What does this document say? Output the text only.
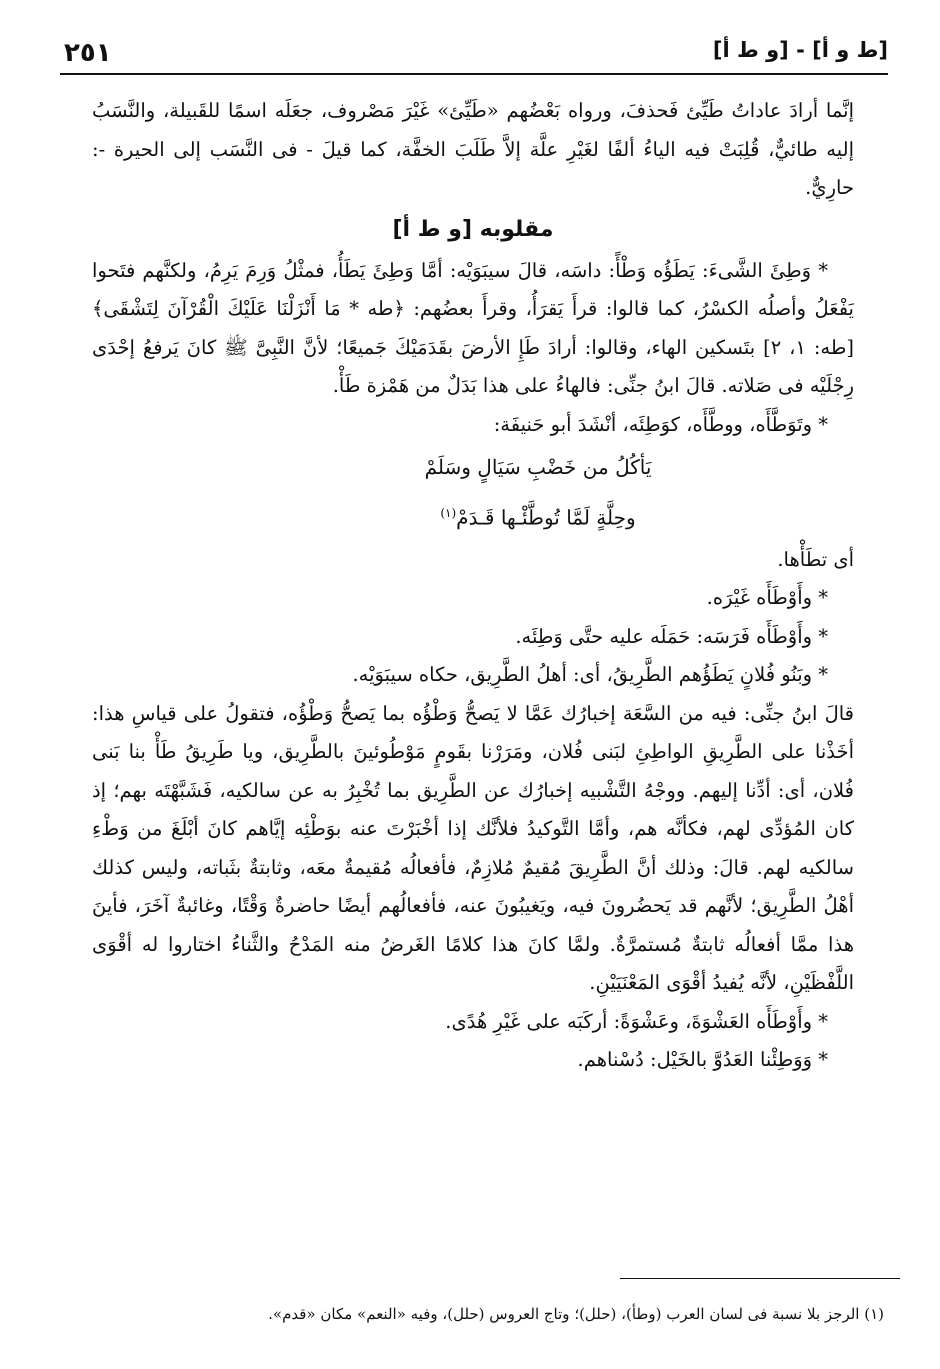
٢٥١	[ط و أ] - [و ط أ]

إنَّما أرادَ عاداتُ طَيِّئ فَحذفَ، ورواه بَعْضُهم «طَيِّئ» غَيْرَ مَصْروف، جعَلَه اسمًا للقَبيلة، والنَّسَبُ إليه طائيٌّ، قُلِبَتْ فيه الياءُ ألفًا لغَيْرِ علَّة إلاَّ طَلَبَ الخفَّة، كما قيلَ - فى النَّسَب إلى الحيرة -: حارِيٌّ.

مقلوبه [و ط أ]

* وَطِئَ الشَّىءَ: يَطَؤُه وَطْأً: داسَه، قالَ سيبَوَيْه: أمَّا وَطِئَ يَطَأُ، فمثْلُ وَرِمَ يَرِمُ، ولكنَّهم فتَحوا يَفْعَلُ وأصلُه الكسْرُ، كما قالوا: قرأَ يَقرَأُ، وقرأَ بعضُهم: ﴿طه * مَا أَنْزَلْنَا عَلَيْكَ الْقُرْآنَ لِتَشْقَى﴾ [طه: ١، ٢] بتَسكين الهاء، وقالوا: أرادَ طَإِ الأرضَ بقَدَمَيْكَ جَميعًا؛ لأنَّ النَّبِىَّ ﷺ كانَ يَرفعُ إحْدَى رِجْلَيْه فى صَلاته. قالَ ابنُ جنِّى: فالهاءُ على هذا بَدَلٌ من هَمْزة طَأْ.

* وتَوَطَّأَه، ووطَّأَه، كوَطِئَه، أنْشَدَ أبو حَنيفَة:

يَأكُلُ من خَضْبِ سَيَالٍ وسَلَمْ
وحِلَّةٍ لَمَّا تُوطَّئْـها قَـدَمْ$^{(١)}$

أى تطَأْها.

* وأَوْطَأَه غَيْرَه.

* وأَوْطَأَه فَرَسَه: حَمَلَه عليه حتَّى وَطِئَه.

* وبَنُو فُلانٍ يَطَؤُهم الطَّرِيقُ، أى: أهلُ الطَّرِيق، حكاه سيبَوَيْه.

قالَ ابنُ جنِّى: فيه من السَّعَة إخبارُك عَمَّا لا يَصحُّ وَطْؤُه بما يَصحُّ وَطْؤُه، فتقولُ على قياسِ هذا: أخَذْنا على الطَّرِيقِ الواطِئِ لبَنى فُلان، ومَرَرْنا بقَومٍ مَوْطُوئينَ بالطَّرِيق، ويا طَرِيقُ طَأْ بنا بَنى فُلان، أى: أدِّنا إليهم. ووجْهُ التَّشْبيه إخبارُك عن الطَّرِيق بما تُخْبِرُ به عن سالكيه، فَشَبَّهْتَه بهم؛ إذ كان المُؤدِّى لهم، فكأنَّه هم، وأمَّا التَّوكيدُ فلأنَّك إذا أخْبَرْتَ عنه بوَطْئِه إيَّاهم كانَ أبْلَغَ من وَطْءِ سالكيه لهم. قالَ: وذلك أنَّ الطَّرِيقَ مُقيمٌ مُلازِمٌ، فأفعالُه مُقيمةٌ معَه، وثابتةٌ بثَباته، وليس كذلك أهْلُ الطَّرِيق؛ لأنَّهم قد يَحضُرونَ فيه، ويَغيبُونَ عنه، فأفعالُهم أيضًا حاضرةٌ وَقْتًا، وغائبةٌ آخَرَ، فأينَ هذا ممَّا أفعالُه ثابتةٌ مُستمرَّةٌ. ولمَّا كانَ هذا كلامًا الغَرضُ منه المَدْحُ والثَّناءُ اختاروا له أقْوَى اللَّفْظَيْنِ، لأنَّه يُفيدُ أقْوَى المَعْنَيَيْنِ.

* وأَوْطَأَه العَشْوَةَ، وعَشْوَةً: أركَبَه على غَيْرِ هُدًى.

* وَوَطِئْنا العَدُوَّ بالخَيْل: دُسْناهم.

(١) الرجز بلا نسبة فى لسان العرب (وطأ)، (حلل)؛ وتاج العروس (حلل)، وفيه «النعم» مكان «قدم».
